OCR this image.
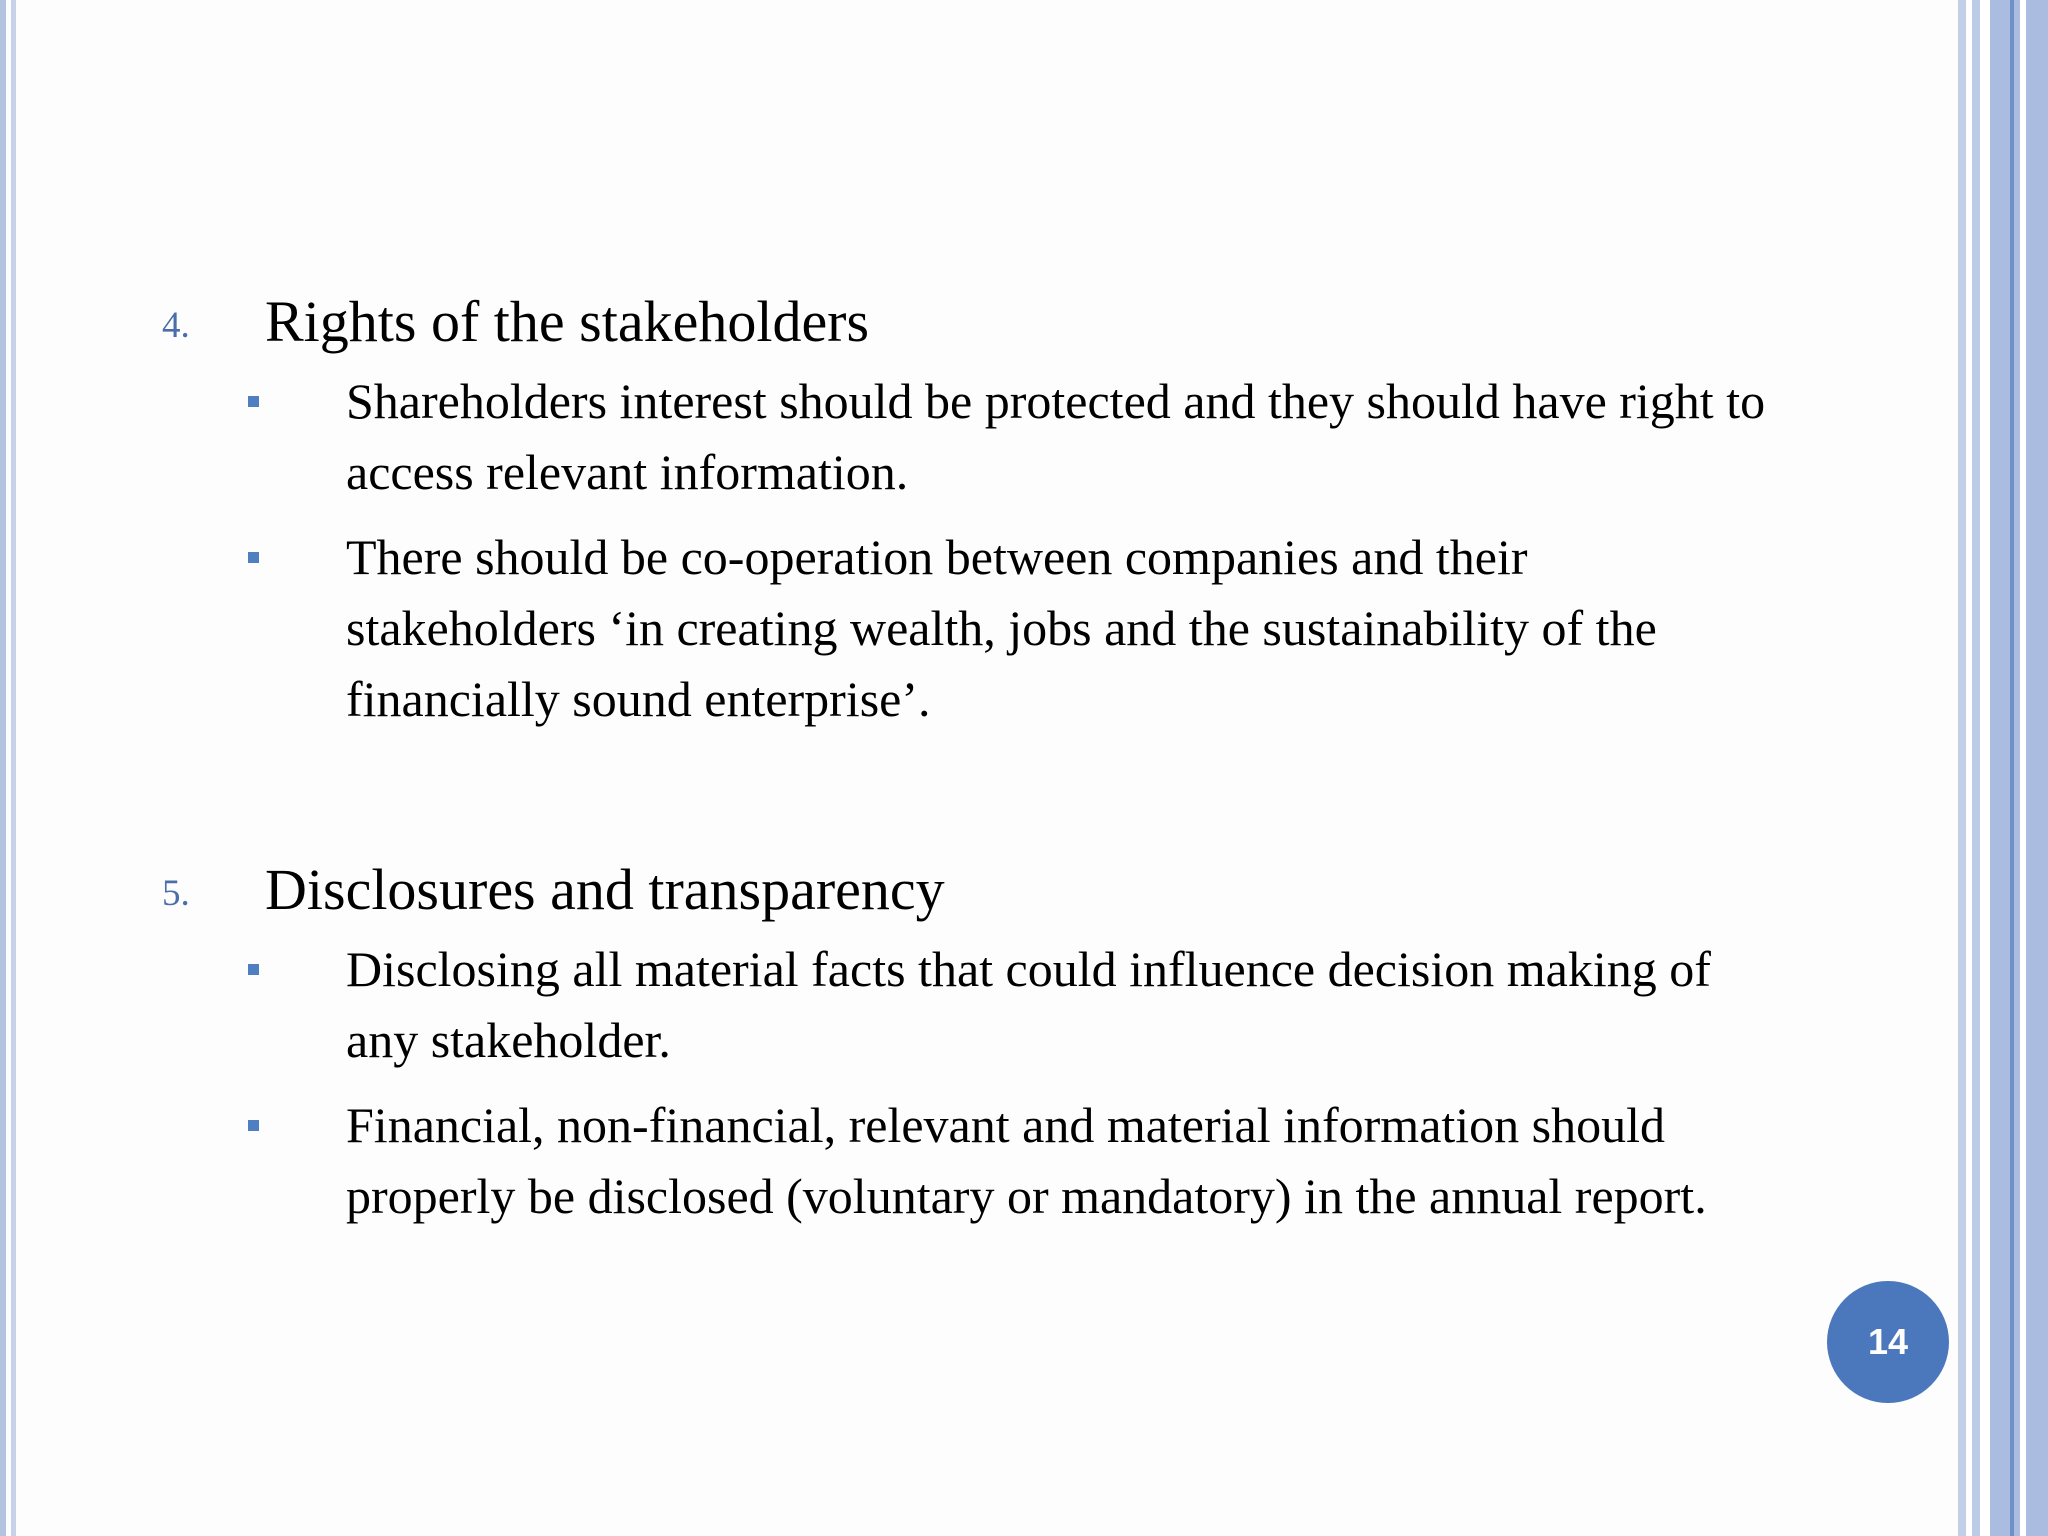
4. Rights of the stakeholders
Shareholders interest should be protected and they should have right to access relevant information.
There should be co-operation between companies and their stakeholders ‘in creating wealth, jobs and the sustainability of the financially sound enterprise’.
5. Disclosures and transparency
Disclosing all material facts that could influence decision making of any stakeholder.
Financial, non-financial, relevant and material information should properly be disclosed (voluntary or mandatory) in the annual report.
14
